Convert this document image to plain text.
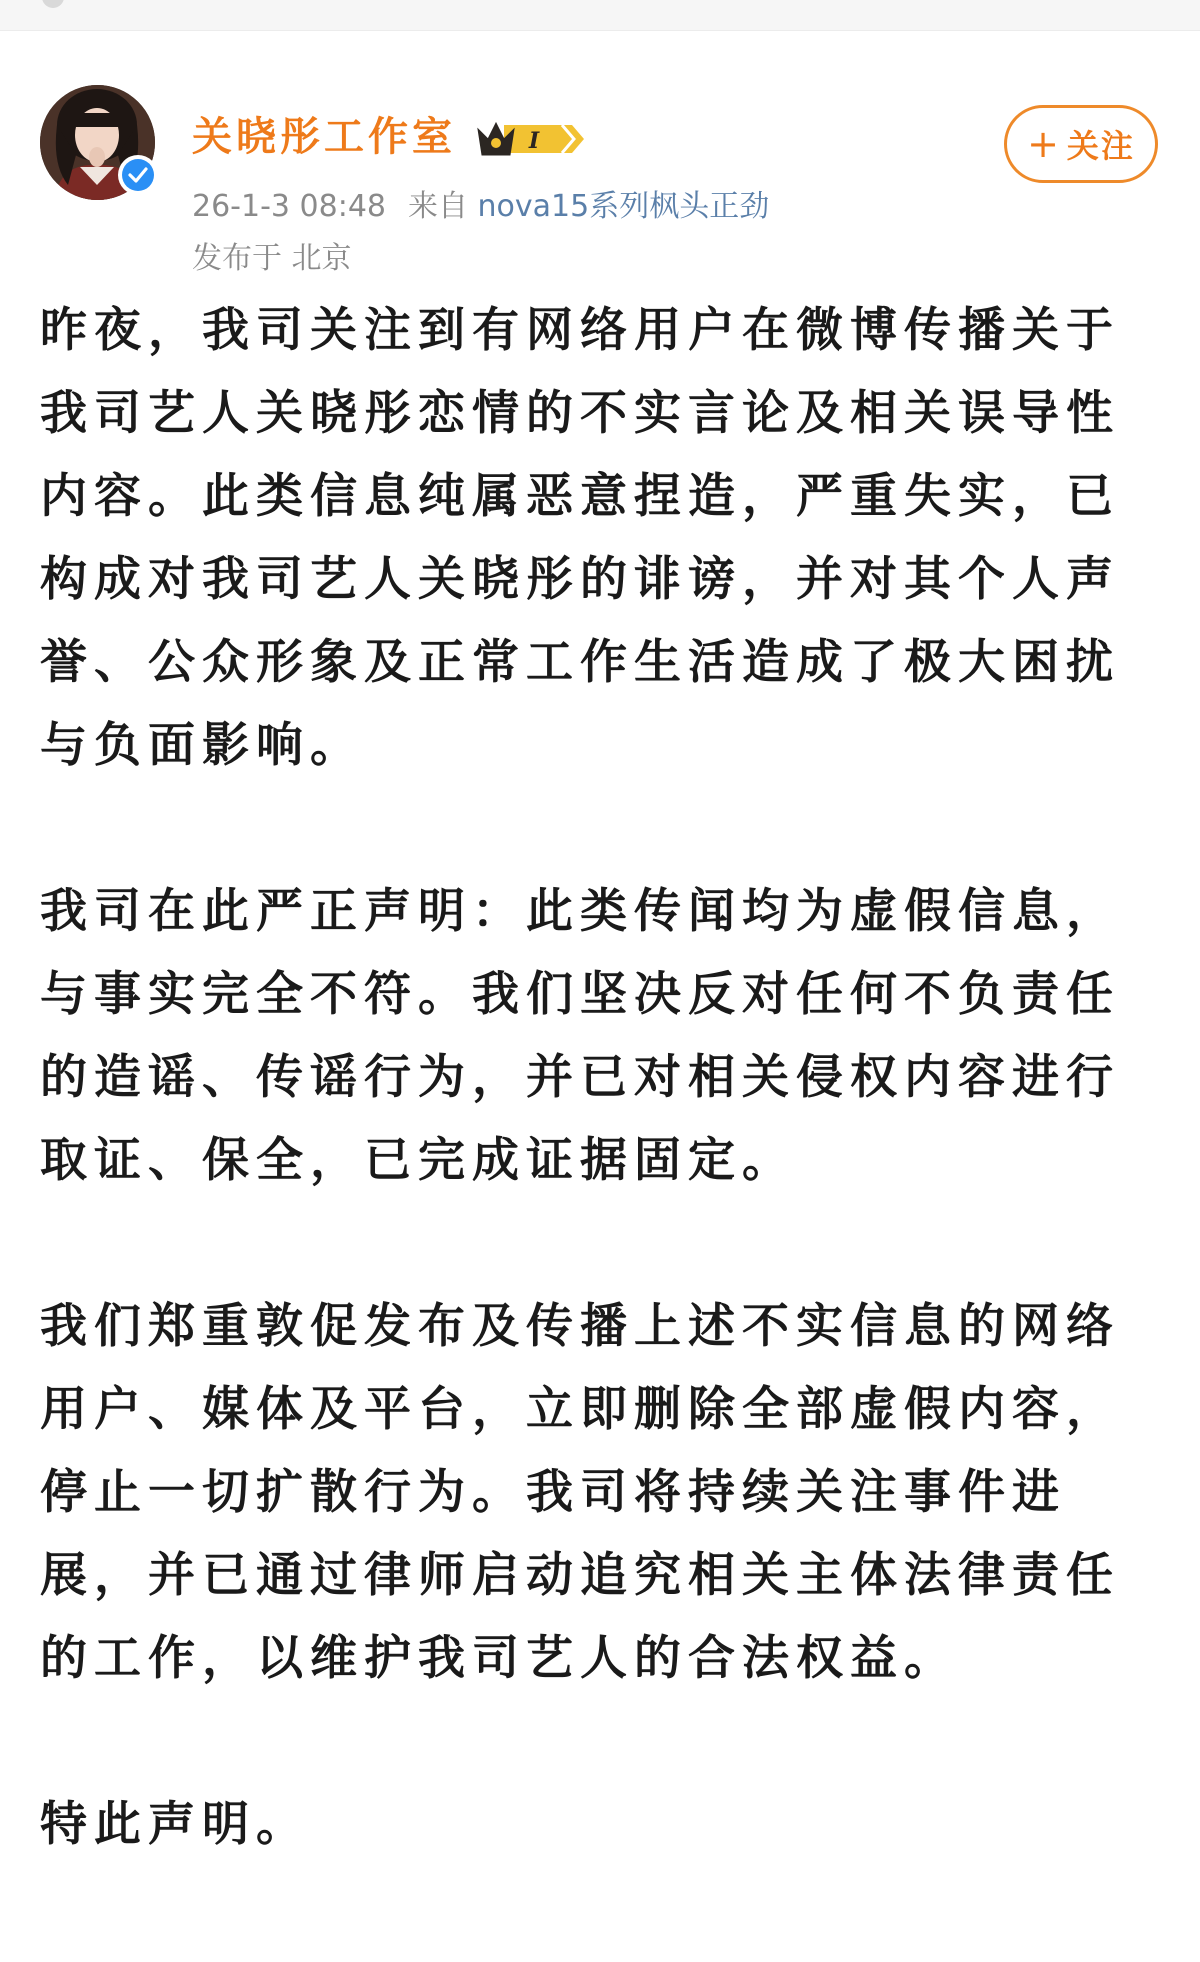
关晓彤工作室	I
26-1-3 08:48 来自 nova15系列枫头正劲
发布于 北京
+ 关注

昨夜，我司关注到有网络用户在微博传播关于我司艺人关晓彤恋情的不实言论及相关误导性内容。此类信息纯属恶意捏造，严重失实，已构成对我司艺人关晓彤的诽谤，并对其个人声誉、公众形象及正常工作生活造成了极大困扰与负面影响。

我司在此严正声明：此类传闻均为虚假信息，与事实完全不符。我们坚决反对任何不负责任的造谣、传谣行为，并已对相关侵权内容进行取证、保全，已完成证据固定。

我们郑重敦促发布及传播上述不实信息的网络用户、媒体及平台，立即删除全部虚假内容，停止一切扩散行为。我司将持续关注事件进展，并已通过律师启动追究相关主体法律责任的工作，以维护我司艺人的合法权益。

特此声明。
